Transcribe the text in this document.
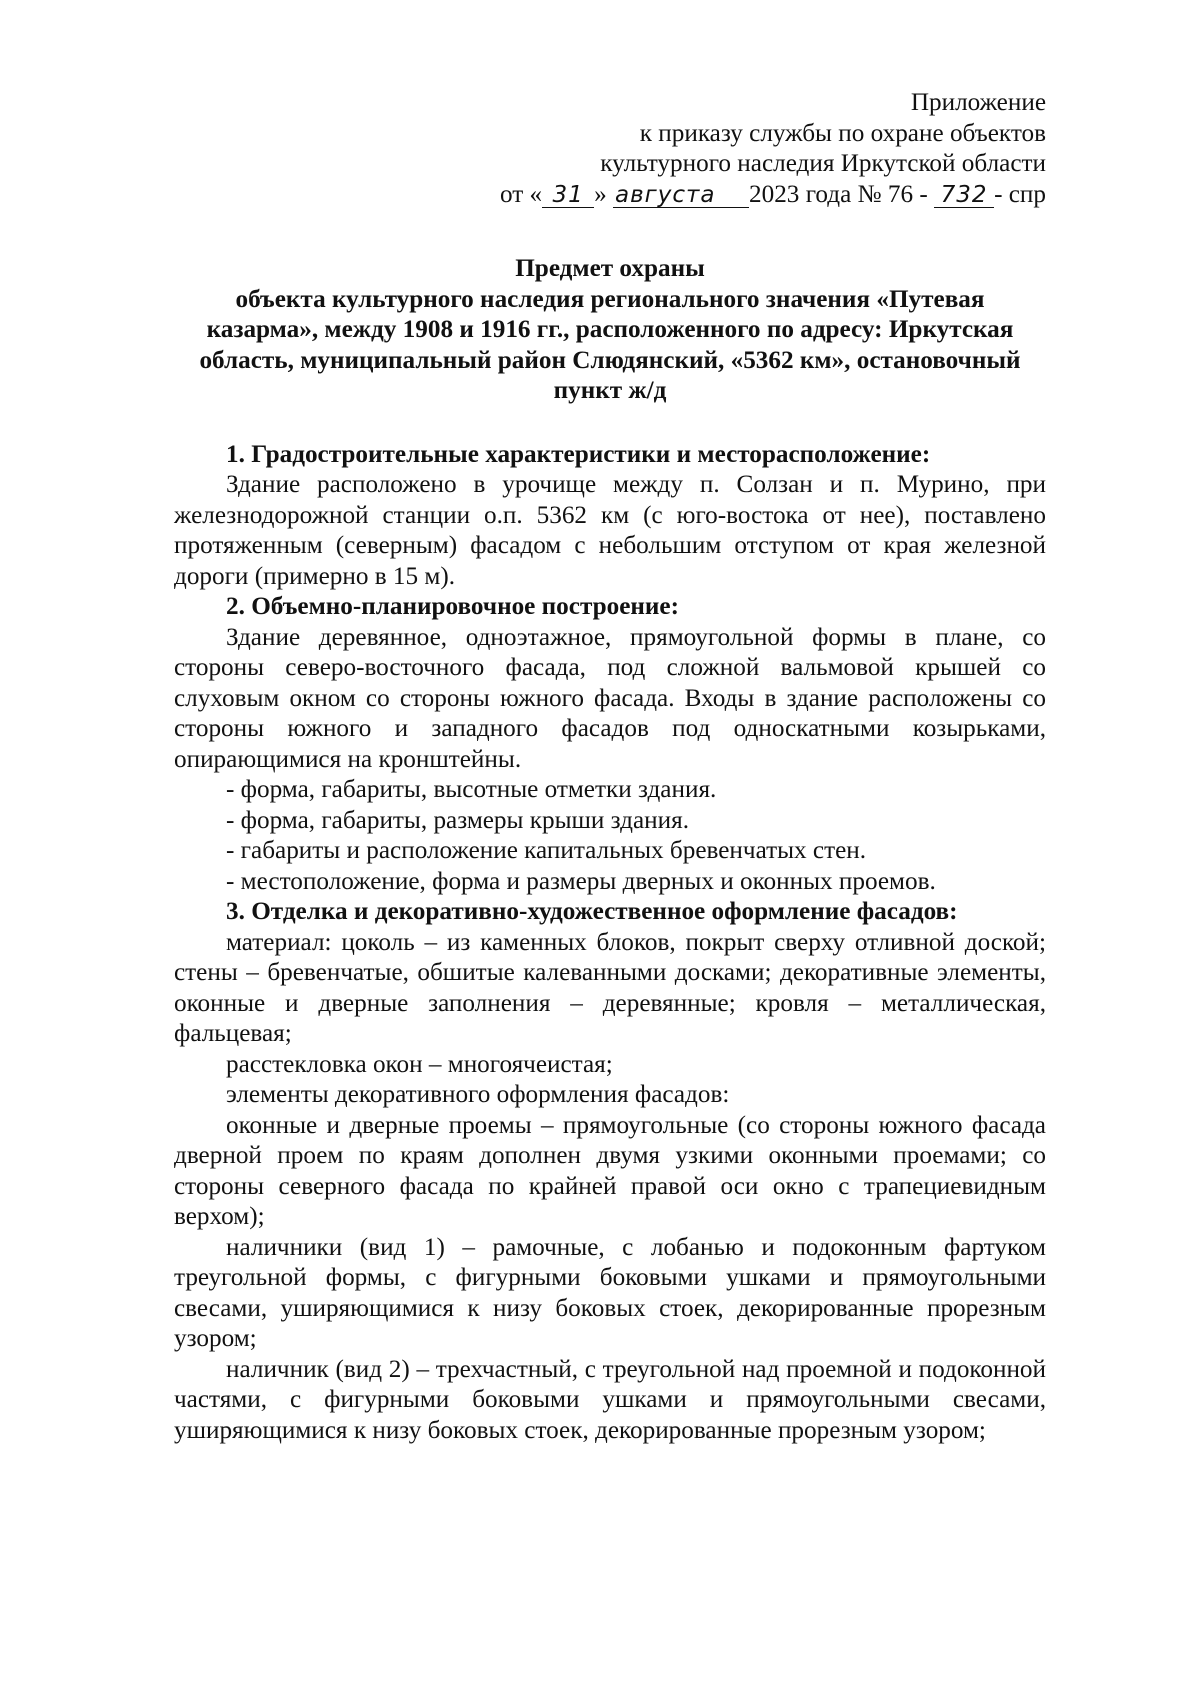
Приложение
к приказу службы по охране объектов
культурного наследия Иркутской области
от « 31 » августа 2023 года № 76 - 732 - спр
Предмет охраны
объекта культурного наследия регионального значения «Путевая
казарма», между 1908 и 1916 гг., расположенного по адресу: Иркутская
область, муниципальный район Слюдянский, «5362 км», остановочный
пункт ж/д
1. Градостроительные характеристики и месторасположение:

Здание расположено в урочище между п. Солзан и п. Мурино, при железнодорожной станции о.п. 5362 км (с юго-востока от нее), поставлено протяженным (северным) фасадом с небольшим отступом от края железной дороги (примерно в 15 м).

2. Объемно-планировочное построение:

Здание деревянное, одноэтажное, прямоугольной формы в плане, со стороны северо-восточного фасада, под сложной вальмовой крышей со слуховым окном со стороны южного фасада. Входы в здание расположены со стороны южного и западного фасадов под односкатными козырьками, опирающимися на кронштейны.

- форма, габариты, высотные отметки здания.
- форма, габариты, размеры крыши здания.
- габариты и расположение капитальных бревенчатых стен.
- местоположение, форма и размеры дверных и оконных проемов.
3. Отделка и декоративно-художественное оформление фасадов:

материал: цоколь – из каменных блоков, покрыт сверху отливной доской; стены – бревенчатые, обшитые калеванными досками; декоративные элементы, оконные и дверные заполнения – деревянные; кровля – металлическая, фальцевая;

расстекловка окон – многоячеистая;

элементы декоративного оформления фасадов:

оконные и дверные проемы – прямоугольные (со стороны южного фасада дверной проем по краям дополнен двумя узкими оконными проемами; со стороны северного фасада по крайней правой оси окно с трапециевидным верхом);

наличники (вид 1) – рамочные, с лобанью и подоконным фартуком треугольной формы, с фигурными боковыми ушками и прямоугольными свесами, уширяющимися к низу боковых стоек, декорированные прорезным узором;

наличник (вид 2) – трехчастный, с треугольной над проемной и подоконной частями, с фигурными боковыми ушками и прямоугольными свесами, уширяющимися к низу боковых стоек, декорированные прорезным узором;
